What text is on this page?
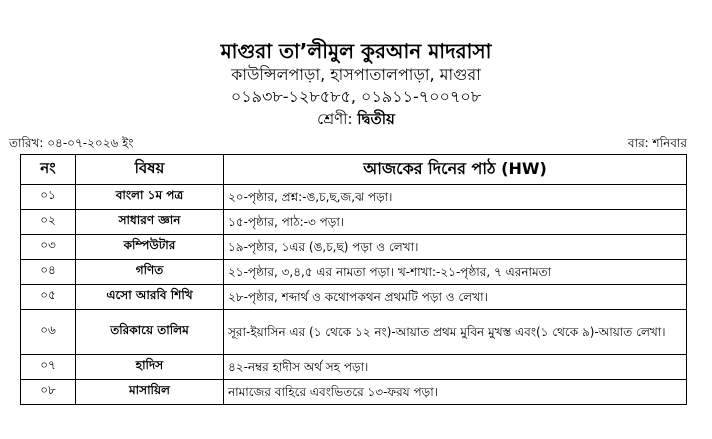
মাগুরা তা’লীমুল কুরআন মাদরাসা
কাউন্সিলপাড়া, হাসপাতালপাড়া, মাগুরা
০১৯৩৮-১২৮৫৮৫, ০১৯১১-৭০০৭০৮
শ্রেণী: দ্বিতীয়
তারিখ: ০৪-০৭-২০২৬ ইং	বার: শনিবার
নং	বিষয়	আজকের দিনের পাঠ (HW)
০১	বাংলা ১ম পত্র	২০-পৃষ্ঠার, প্রশ্ন:-ঙ,চ,ছ,জ,ঝ পড়া।
০২	সাধারণ জ্ঞান	১৫-পৃষ্ঠার, পাঠ:-৩ পড়া।
০৩	কম্পিউটার	১৯-পৃষ্ঠার, ১এর (ঙ,চ,ছ) পড়া ও লেখা।
০৪	গণিত	২১-পৃষ্ঠার, ৩,৪,৫ এর নামতা পড়া। খ-শাখা:-২১-পৃষ্ঠার, ৭ এরনামতা
০৫	এসো আরবি শিখি	২৮-পৃষ্ঠার, শব্দার্থ ও কথোপকথন প্রথমটি পড়া ও লেখা।
০৬	তরিকায়ে তালিম	সূরা-ইয়াসিন এর (১ থেকে ১২ নং)-আয়াত প্রথম মুবিন মুখস্ত এবং(১ থেকে ৯)-আয়াত লেখা।
০৭	হাদিস	৪২-নম্বর হাদীস অর্থ সহ পড়া।
০৮	মাসায়িল	নামাজের বাহিরে এবংভিতরে ১৩-ফরয পড়া।
